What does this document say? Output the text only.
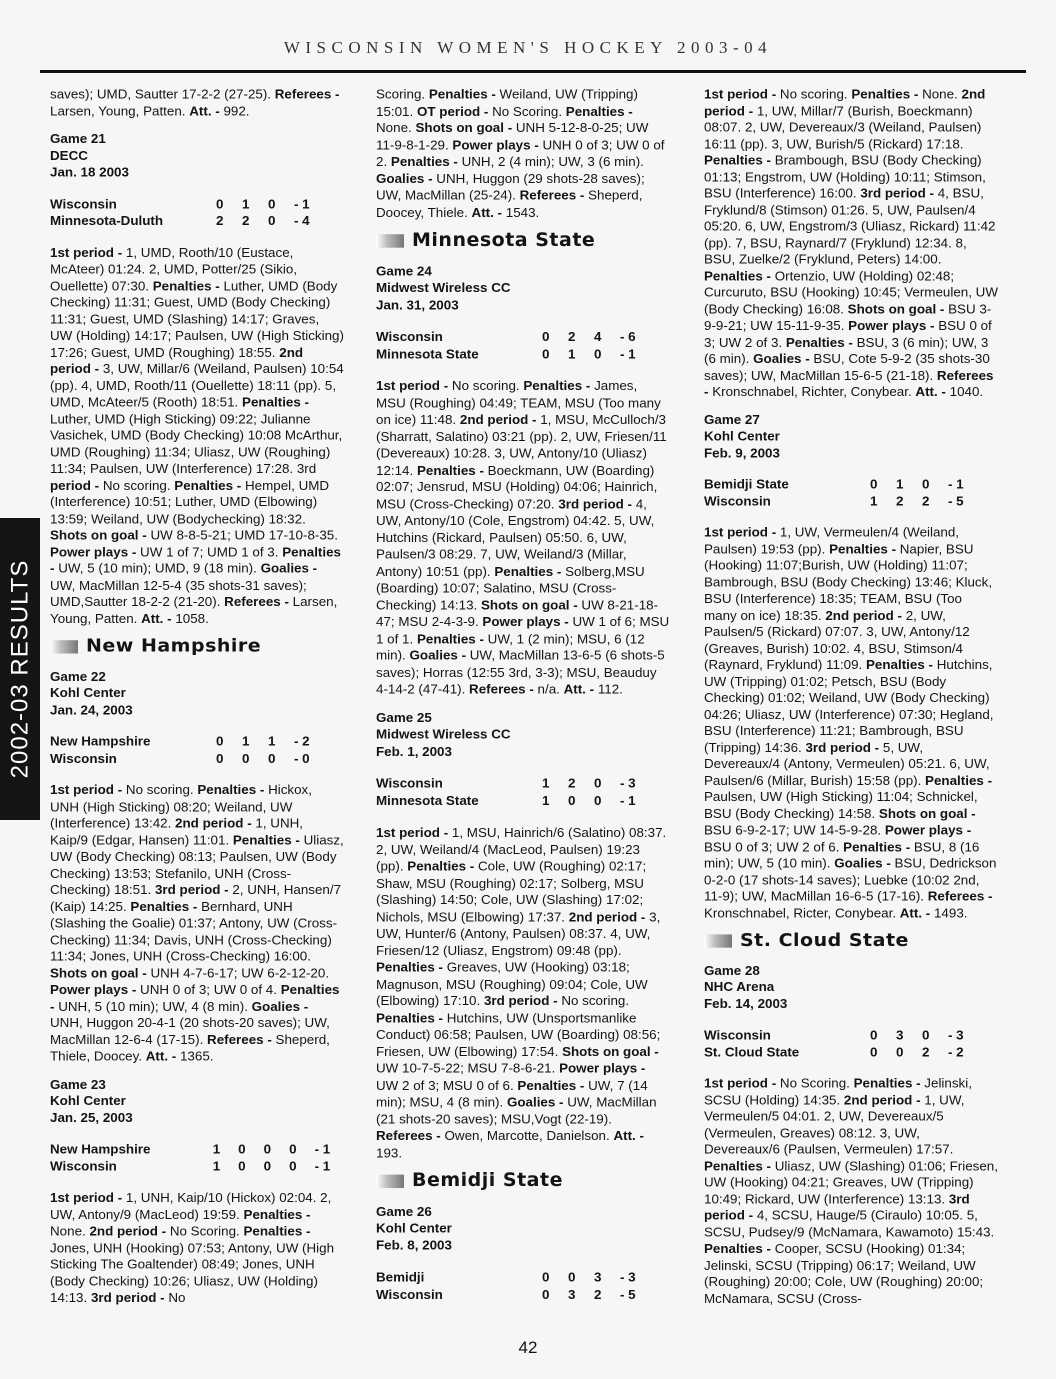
WISCONSIN WOMEN'S HOCKEY 2003-04
2002-03 RESULTS

saves); UMD, Sautter 17-2-2 (27-25). Referees - Larsen, Young, Patten. Att. - 992.

Game 21

DECC

Jan. 18 2003

Wisconsin	0	1	0	- 1
Minnesota-Duluth	2	2	0	- 4

1st period - 1, UMD, Rooth/10 (Eustace, McAteer) 01:24. 2, UMD, Potter/25 (Sikio, Ouellette) 07:30. Penalties - Luther, UMD (Body Checking) 11:31; Guest, UMD (Body Checking) 11:31; Guest, UMD (Slashing) 14:17; Graves, UW (Holding) 14:17; Paulsen, UW (High Sticking) 17:26; Guest, UMD (Roughing) 18:55. 2nd period - 3, UW, Millar/6 (Weiland, Paulsen) 10:54 (pp). 4, UMD, Rooth/11 (Ouellette) 18:11 (pp). 5, UMD, McAteer/5 (Rooth) 18:51. Penalties - Luther, UMD (High Sticking) 09:22; Julianne Vasichek, UMD (Body Checking) 10:08 McArthur, UMD (Roughing) 11:34; Uliasz, UW (Roughing) 11:34; Paulsen, UW (Interference) 17:28. 3rd period - No scoring. Penalties - Hempel, UMD (Interference) 10:51; Luther, UMD (Elbowing) 13:59; Weiland, UW (Bodychecking) 18:32. Shots on goal - UW 8-8-5-21; UMD 17-10-8-35. Power plays - UW 1 of 7; UMD 1 of 3. Penalties - UW, 5 (10 min); UMD, 9 (18 min). Goalies - UW, MacMillan 12-5-4 (35 shots-31 saves); UMD,Sautter 18-2-2 (21-20). Referees - Larsen, Young, Patten. Att. - 1058.

New Hampshire

Game 22

Kohl Center

Jan. 24, 2003

New Hampshire	0	1	1	- 2
Wisconsin	0	0	0	- 0

1st period - No scoring. Penalties - Hickox, UNH (High Sticking) 08:20; Weiland, UW (Interference) 13:42. 2nd period - 1, UNH, Kaip/9 (Edgar, Hansen) 11:01. Penalties - Uliasz, UW (Body Checking) 08:13; Paulsen, UW (Body Checking) 13:53; Stefanilo, UNH (Cross-Checking) 18:51. 3rd period - 2, UNH, Hansen/7 (Kaip) 14:25. Penalties - Bernhard, UNH (Slashing the Goalie) 01:37; Antony, UW (Cross-Checking) 11:34; Davis, UNH (Cross-Checking) 11:34; Jones, UNH (Cross-Checking) 16:00. Shots on goal - UNH 4-7-6-17; UW 6-2-12-20. Power plays - UNH 0 of 3; UW 0 of 4. Penalties - UNH, 5 (10 min); UW, 4 (8 min). Goalies - UNH, Huggon 20-4-1 (20 shots-20 saves); UW, MacMillan 12-6-4 (17-15). Referees - Sheperd, Thiele, Doocey. Att. - 1365.

Game 23

Kohl Center

Jan. 25, 2003

New Hampshire	1	0	0	0	- 1
Wisconsin	1	0	0	0	- 1

1st period - 1, UNH, Kaip/10 (Hickox) 02:04. 2, UW, Antony/9 (MacLeod) 19:59. Penalties - None. 2nd period - No Scoring. Penalties - Jones, UNH (Hooking) 07:53; Antony, UW (High Sticking The Goaltender) 08:49; Jones, UNH (Body Checking) 10:26; Uliasz, UW (Holding) 14:13. 3rd period - No

Scoring. Penalties - Weiland, UW (Tripping) 15:01. OT period - No Scoring. Penalties - None. Shots on goal - UNH 5-12-8-0-25; UW 11-9-8-1-29. Power plays - UNH 0 of 3; UW 0 of 2. Penalties - UNH, 2 (4 min); UW, 3 (6 min). Goalies - UNH, Huggon (29 shots-28 saves); UW, MacMillan (25-24). Referees - Sheperd, Doocey, Thiele. Att. - 1543.

Minnesota State

Game 24

Midwest Wireless CC

Jan. 31, 2003

Wisconsin	0	2	4	- 6
Minnesota State	0	1	0	- 1

1st period - No scoring. Penalties - James, MSU (Roughing) 04:49; TEAM, MSU (Too many on ice) 11:48. 2nd period - 1, MSU, McCulloch/3 (Sharratt, Salatino) 03:21 (pp). 2, UW, Friesen/11 (Devereaux) 10:28. 3, UW, Antony/10 (Uliasz) 12:14. Penalties - Boeckmann, UW (Boarding) 02:07; Jensrud, MSU (Holding) 04:06; Hainrich, MSU (Cross-Checking) 07:20. 3rd period - 4, UW, Antony/10 (Cole, Engstrom) 04:42. 5, UW, Hutchins (Rickard, Paulsen) 05:50. 6, UW, Paulsen/3 08:29. 7, UW, Weiland/3 (Millar, Antony) 10:51 (pp). Penalties - Solberg,MSU (Boarding) 10:07; Salatino, MSU (Cross-Checking) 14:13. Shots on goal - UW 8-21-18-47; MSU 2-4-3-9. Power plays - UW 1 of 6; MSU 1 of 1. Penalties - UW, 1 (2 min); MSU, 6 (12 min). Goalies - UW, MacMillan 13-6-5 (6 shots-5 saves); Horras (12:55 3rd, 3-3); MSU, Beauduy 4-14-2 (47-41). Referees - n/a. Att. - 112.

Game 25

Midwest Wireless CC

Feb. 1, 2003

Wisconsin	1	2	0	- 3
Minnesota State	1	0	0	- 1

1st period - 1, MSU, Hainrich/6 (Salatino) 08:37. 2, UW, Weiland/4 (MacLeod, Paulsen) 19:23 (pp). Penalties - Cole, UW (Roughing) 02:17; Shaw, MSU (Roughing) 02:17; Solberg, MSU (Slashing) 14:50; Cole, UW (Slashing) 17:02; Nichols, MSU (Elbowing) 17:37. 2nd period - 3, UW, Hunter/6 (Antony, Paulsen) 08:37. 4, UW, Friesen/12 (Uliasz, Engstrom) 09:48 (pp). Penalties - Greaves, UW (Hooking) 03:18; Magnuson, MSU (Roughing) 09:04; Cole, UW (Elbowing) 17:10. 3rd period - No scoring. Penalties - Hutchins, UW (Unsportsmanlike Conduct) 06:58; Paulsen, UW (Boarding) 08:56; Friesen, UW (Elbowing) 17:54. Shots on goal - UW 10-7-5-22; MSU 7-8-6-21. Power plays - UW 2 of 3; MSU 0 of 6. Penalties - UW, 7 (14 min); MSU, 4 (8 min). Goalies - UW, MacMillan (21 shots-20 saves); MSU,Vogt (22-19). Referees - Owen, Marcotte, Danielson. Att. - 193.

Bemidji State

Game 26

Kohl Center

Feb. 8, 2003

Bemidji	0	0	3	- 3
Wisconsin	0	3	2	- 5

1st period - No scoring. Penalties - None. 2nd period - 1, UW, Millar/7 (Burish, Boeckmann) 08:07. 2, UW, Devereaux/3 (Weiland, Paulsen) 16:11 (pp). 3, UW, Burish/5 (Rickard) 17:18. Penalties - Brambough, BSU (Body Checking) 01:13; Engstrom, UW (Holding) 10:11; Stimson, BSU (Interference) 16:00. 3rd period - 4, BSU, Fryklund/8 (Stimson) 01:26. 5, UW, Paulsen/4 05:20. 6, UW, Engstrom/3 (Uliasz, Rickard) 11:42 (pp). 7, BSU, Raynard/7 (Fryklund) 12:34. 8, BSU, Zuelke/2 (Fryklund, Peters) 14:00. Penalties - Ortenzio, UW (Holding) 02:48; Curcuruto, BSU (Hooking) 10:45; Vermeulen, UW (Body Checking) 16:08. Shots on goal - BSU 3-9-9-21; UW 15-11-9-35. Power plays - BSU 0 of 3; UW 2 of 3. Penalties - BSU, 3 (6 min); UW, 3 (6 min). Goalies - BSU, Cote 5-9-2 (35 shots-30 saves); UW, MacMillan 15-6-5 (21-18). Referees - Kronschnabel, Richter, Conybear. Att. - 1040.

Game 27

Kohl Center

Feb. 9, 2003

Bemidji State	0	1	0	- 1
Wisconsin	1	2	2	- 5

1st period - 1, UW, Vermeulen/4 (Weiland, Paulsen) 19:53 (pp). Penalties - Napier, BSU (Hooking) 11:07;Burish, UW (Holding) 11:07; Bambrough, BSU (Body Checking) 13:46; Kluck, BSU (Interference) 18:35; TEAM, BSU (Too many on ice) 18:35. 2nd period - 2, UW, Paulsen/5 (Rickard) 07:07. 3, UW, Antony/12 (Greaves, Burish) 10:02. 4, BSU, Stimson/4 (Raynard, Fryklund) 11:09. Penalties - Hutchins, UW (Tripping) 01:02; Petsch, BSU (Body Checking) 01:02; Weiland, UW (Body Checking) 04:26; Uliasz, UW (Interference) 07:30; Hegland, BSU (Interference) 11:21; Bambrough, BSU (Tripping) 14:36. 3rd period - 5, UW, Devereaux/4 (Antony, Vermeulen) 05:21. 6, UW, Paulsen/6 (Millar, Burish) 15:58 (pp). Penalties - Paulsen, UW (High Sticking) 11:04; Schnickel, BSU (Body Checking) 14:58. Shots on goal - BSU 6-9-2-17; UW 14-5-9-28. Power plays - BSU 0 of 3; UW 2 of 6. Penalties - BSU, 8 (16 min); UW, 5 (10 min). Goalies - BSU, Dedrickson 0-2-0 (17 shots-14 saves); Luebke (10:02 2nd, 11-9); UW, MacMillan 16-6-5 (17-16). Referees - Kronschnabel, Ricter, Conybear. Att. - 1493.

St. Cloud State

Game 28

NHC Arena

Feb. 14, 2003

Wisconsin	0	3	0	- 3
St. Cloud State	0	0	2	- 2

1st period - No Scoring. Penalties - Jelinski, SCSU (Holding) 14:35. 2nd period - 1, UW, Vermeulen/5 04:01. 2, UW, Devereaux/5 (Vermeulen, Greaves) 08:12. 3, UW, Devereaux/6 (Paulsen, Vermeulen) 17:57. Penalties - Uliasz, UW (Slashing) 01:06; Friesen, UW (Hooking) 04:21; Greaves, UW (Tripping) 10:49; Rickard, UW (Interference) 13:13. 3rd period - 4, SCSU, Hauge/5 (Ciraulo) 10:05. 5, SCSU, Pudsey/9 (McNamara, Kawamoto) 15:43. Penalties - Cooper, SCSU (Hooking) 01:34; Jelinski, SCSU (Tripping) 06:17; Weiland, UW (Roughing) 20:00; Cole, UW (Roughing) 20:00; McNamara, SCSU (Cross-

42
